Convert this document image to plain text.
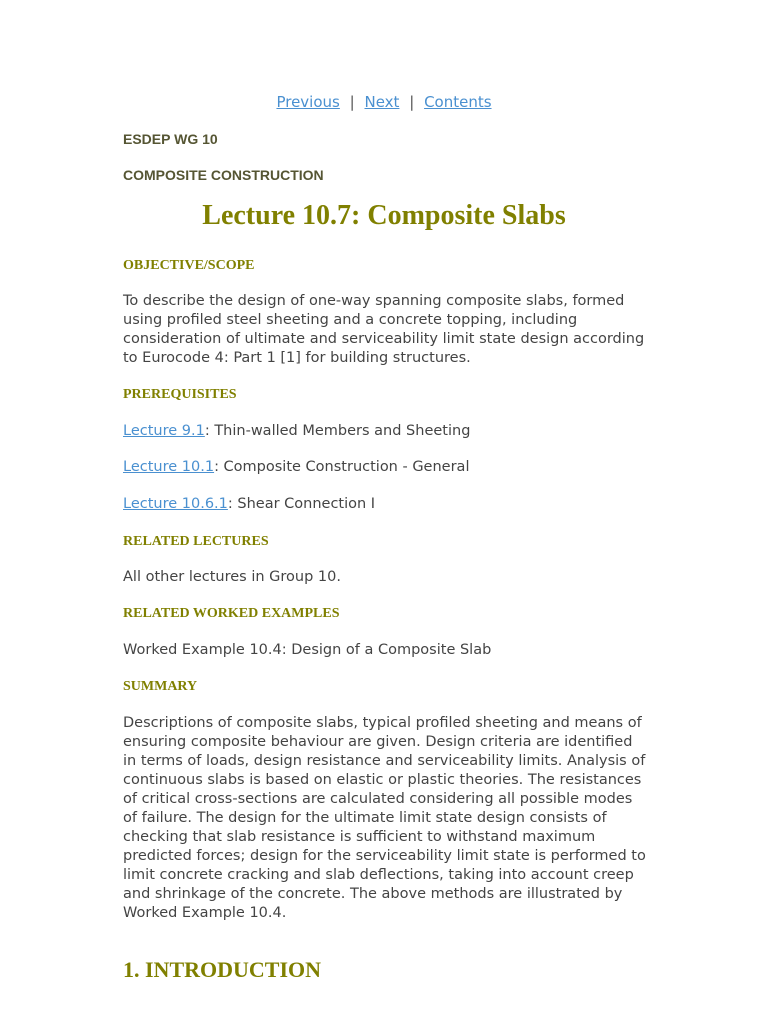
Previous | Next | Contents
ESDEP WG 10
COMPOSITE CONSTRUCTION
Lecture 10.7: Composite Slabs
OBJECTIVE/SCOPE
To describe the design of one-way spanning composite slabs, formed using profiled steel sheeting and a concrete topping, including consideration of ultimate and serviceability limit state design according to Eurocode 4: Part 1 [1] for building structures.
PREREQUISITES
Lecture 9.1: Thin-walled Members and Sheeting
Lecture 10.1: Composite Construction - General
Lecture 10.6.1: Shear Connection I
RELATED LECTURES
All other lectures in Group 10.
RELATED WORKED EXAMPLES
Worked Example 10.4: Design of a Composite Slab
SUMMARY
Descriptions of composite slabs, typical profiled sheeting and means of ensuring composite behaviour are given. Design criteria are identified in terms of loads, design resistance and serviceability limits. Analysis of continuous slabs is based on elastic or plastic theories. The resistances of critical cross-sections are calculated considering all possible modes of failure. The design for the ultimate limit state design consists of checking that slab resistance is sufficient to withstand maximum predicted forces; design for the serviceability limit state is performed to limit concrete cracking and slab deflections, taking into account creep and shrinkage of the concrete. The above methods are illustrated by Worked Example 10.4.
1. INTRODUCTION
